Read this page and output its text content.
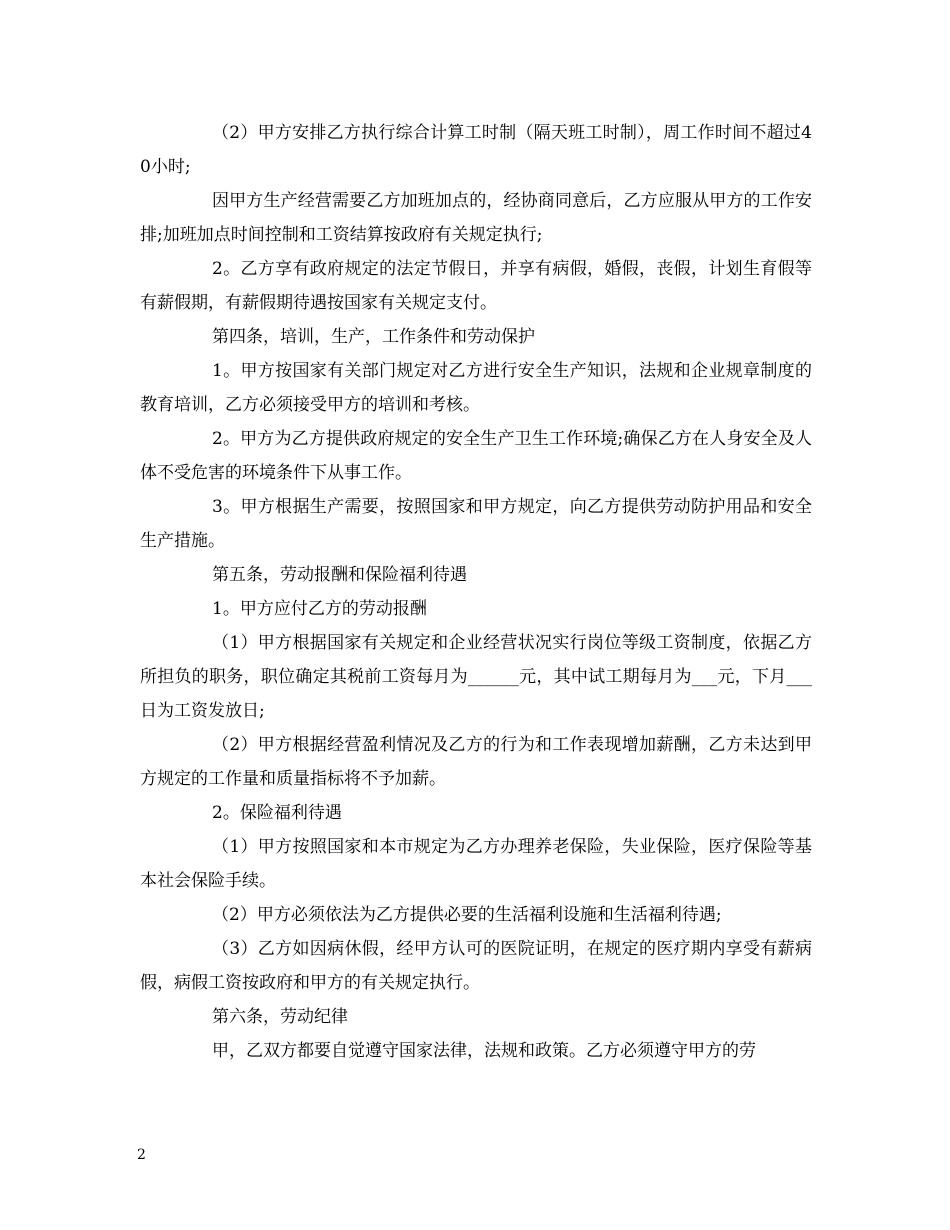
（2）甲方安排乙方执行综合计算工时制（隔天班工时制），周工作时间不超过40小时;

因甲方生产经营需要乙方加班加点的，经协商同意后，乙方应服从甲方的工作安排;加班加点时间控制和工资结算按政府有关规定执行;

2。乙方享有政府规定的法定节假日，并享有病假，婚假，丧假，计划生育假等有薪假期，有薪假期待遇按国家有关规定支付。

第四条，培训，生产，工作条件和劳动保护

1。甲方按国家有关部门规定对乙方进行安全生产知识，法规和企业规章制度的教育培训，乙方必须接受甲方的培训和考核。

2。甲方为乙方提供政府规定的安全生产卫生工作环境;确保乙方在人身安全及人体不受危害的环境条件下从事工作。

3。甲方根据生产需要，按照国家和甲方规定，向乙方提供劳动防护用品和安全生产措施。

第五条，劳动报酬和保险福利待遇

1。甲方应付乙方的劳动报酬

（1）甲方根据国家有关规定和企业经营状况实行岗位等级工资制度，依据乙方所担负的职务，职位确定其税前工资每月为______元，其中试工期每月为___元，下月___日为工资发放日;

（2）甲方根据经营盈利情况及乙方的行为和工作表现增加薪酬，乙方未达到甲方规定的工作量和质量指标将不予加薪。

2。保险福利待遇

（1）甲方按照国家和本市规定为乙方办理养老保险，失业保险，医疗保险等基本社会保险手续。

（2）甲方必须依法为乙方提供必要的生活福利设施和生活福利待遇;

（3）乙方如因病休假，经甲方认可的医院证明，在规定的医疗期内享受有薪病假，病假工资按政府和甲方的有关规定执行。

第六条，劳动纪律

甲，乙双方都要自觉遵守国家法律，法规和政策。乙方必须遵守甲方的劳

2
